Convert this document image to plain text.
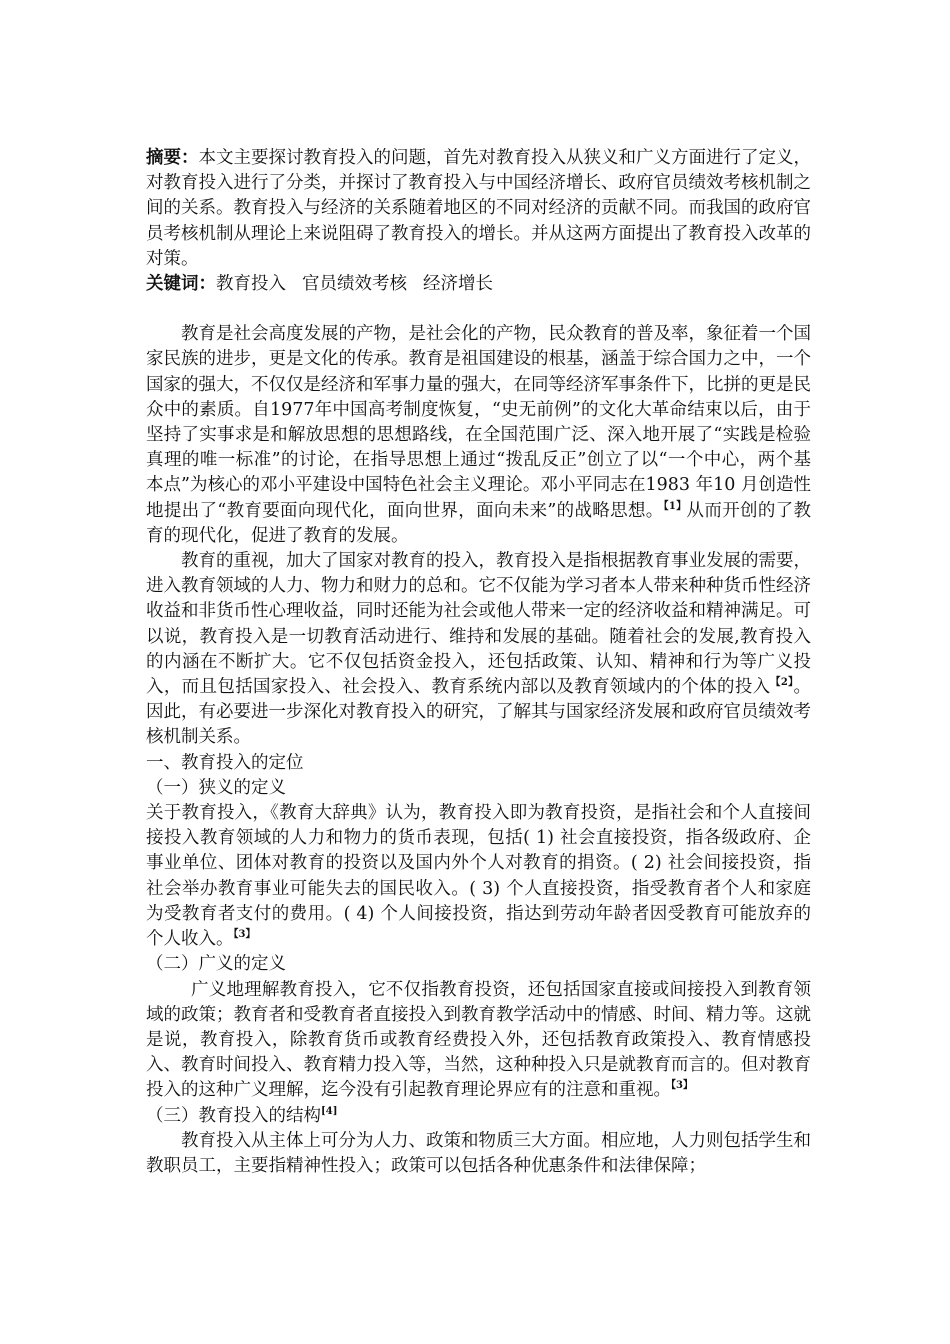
摘要：本文主要探讨教育投入的问题，首先对教育投入从狭义和广义方面进行了定义，对教育投入进行了分类，并探讨了教育投入与中国经济增长、政府官员绩效考核机制之间的关系。教育投入与经济的关系随着地区的不同对经济的贡献不同。而我国的政府官员考核机制从理论上来说阻碍了教育投入的增长。并从这两方面提出了教育投入改革的对策。

关键词：教育投入 官员绩效考核 经济增长

教育是社会高度发展的产物，是社会化的产物，民众教育的普及率，象征着一个国家民族的进步，更是文化的传承。教育是祖国建设的根基，涵盖于综合国力之中，一个国家的强大，不仅仅是经济和军事力量的强大，在同等经济军事条件下，比拼的更是民众中的素质。自1977年中国高考制度恢复，“史无前例”的文化大革命结束以后，由于坚持了实事求是和解放思想的思想路线，在全国范围广泛、深入地开展了“实践是检验真理的唯一标准”的讨论，在指导思想上通过“拨乱反正”创立了以“一个中心，两个基本点”为核心的邓小平建设中国特色社会主义理论。邓小平同志在1983 年10 月创造性地提出了“教育要面向现代化，面向世界，面向未来”的战略思想。$^{【1】}$从而开创的了教育的现代化，促进了教育的发展。

教育的重视，加大了国家对教育的投入，教育投入是指根据教育事业发展的需要，进入教育领域的人力、物力和财力的总和。它不仅能为学习者本人带来种种货币性经济收益和非货币性心理收益，同时还能为社会或他人带来一定的经济收益和精神满足。可以说，教育投入是一切教育活动进行、维持和发展的基础。随着社会的发展,教育投入的内涵在不断扩大。它不仅包括资金投入，还包括政策、认知、精神和行为等广义投入，而且包括国家投入、社会投入、教育系统内部以及教育领域内的个体的投入$^{【2】}$。因此，有必要进一步深化对教育投入的研究，了解其与国家经济发展和政府官员绩效考核机制关系。

一、教育投入的定位

（一）狭义的定义

关于教育投入，《教育大辞典》认为，教育投入即为教育投资，是指社会和个人直接间接投入教育领域的人力和物力的货币表现，包括( 1) 社会直接投资，指各级政府、企事业单位、团体对教育的投资以及国内外个人对教育的捐资。( 2) 社会间接投资，指社会举办教育事业可能失去的国民收入。( 3) 个人直接投资，指受教育者个人和家庭为受教育者支付的费用。( 4) 个人间接投资，指达到劳动年龄者因受教育可能放弃的个人收入。$^{【3】}$

（二）广义的定义

广义地理解教育投入，它不仅指教育投资，还包括国家直接或间接投入到教育领域的政策；教育者和受教育者直接投入到教育教学活动中的情感、时间、精力等。这就是说，教育投入，除教育货币或教育经费投入外，还包括教育政策投入、教育情感投入、教育时间投入、教育精力投入等，当然，这种种投入只是就教育而言的。但对教育投入的这种广义理解，迄今没有引起教育理论界应有的注意和重视。$^{【3】}$

（三）教育投入的结构[4]

教育投入从主体上可分为人力、政策和物质三大方面。相应地，人力则包括学生和教职员工，主要指精神性投入；政策可以包括各种优惠条件和法律保障；
